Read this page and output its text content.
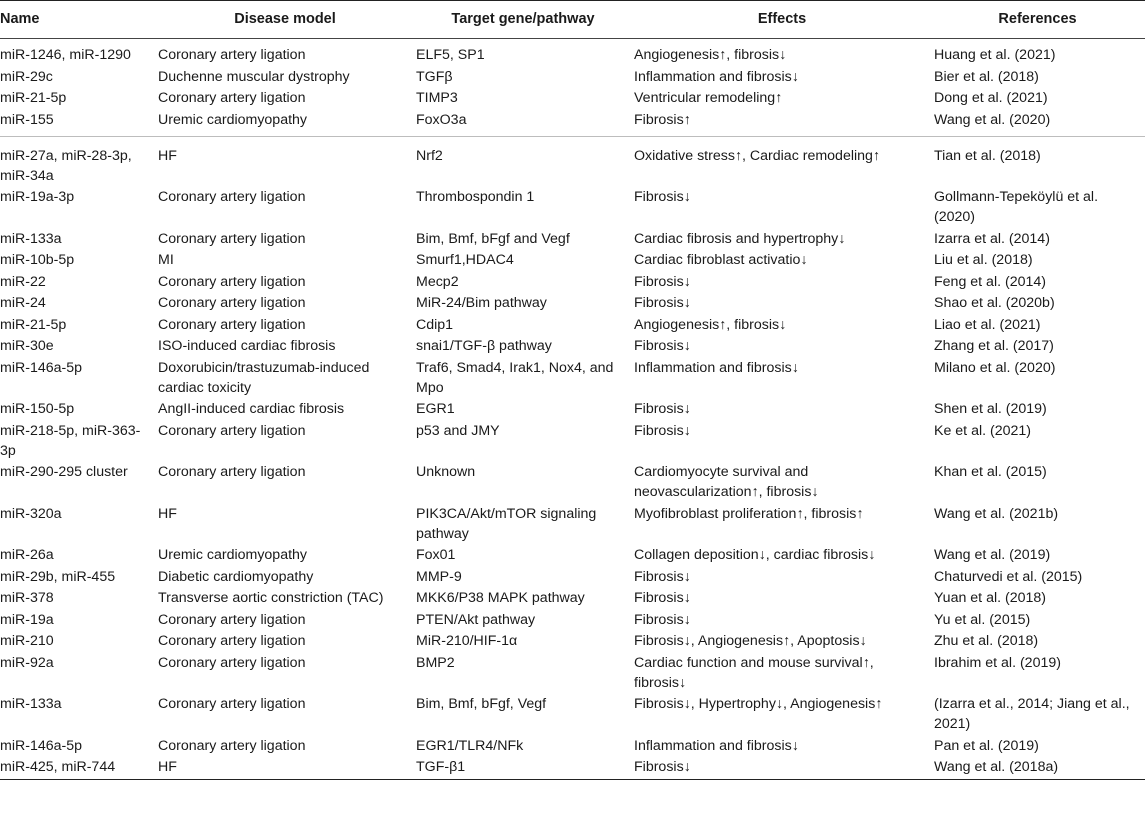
Name	Disease model	Target gene/pathway	Effects	References
miR-1246, miR-1290	Coronary artery ligation	ELF5, SP1	Angiogenesis↑, fibrosis↓	Huang et al. (2021)
miR-29c	Duchenne muscular dystrophy	TGFβ	Inflammation and fibrosis↓	Bier et al. (2018)
miR-21-5p	Coronary artery ligation	TIMP3	Ventricular remodeling↑	Dong et al. (2021)
miR-155	Uremic cardiomyopathy	FoxO3a	Fibrosis↑	Wang et al. (2020)
miR-27a, miR-28-3p, miR-34a	HF	Nrf2	Oxidative stress↑, Cardiac remodeling↑	Tian et al. (2018)
miR-19a-3p	Coronary artery ligation	Thrombospondin 1	Fibrosis↓	Gollmann-Tepeköylü et al. (2020)
miR-133a	Coronary artery ligation	Bim, Bmf, bFgf and Vegf	Cardiac fibrosis and hypertrophy↓	Izarra et al. (2014)
miR-10b-5p	MI	Smurf1,HDAC4	Cardiac fibroblast activatio↓	Liu et al. (2018)
miR-22	Coronary artery ligation	Mecp2	Fibrosis↓	Feng et al. (2014)
miR-24	Coronary artery ligation	MiR-24/Bim pathway	Fibrosis↓	Shao et al. (2020b)
miR-21-5p	Coronary artery ligation	Cdip1	Angiogenesis↑, fibrosis↓	Liao et al. (2021)
miR-30e	ISO-induced cardiac fibrosis	snai1/TGF-β pathway	Fibrosis↓	Zhang et al. (2017)
miR-146a-5p	Doxorubicin/trastuzumab-induced cardiac toxicity	Traf6, Smad4, Irak1, Nox4, and Mpo	Inflammation and fibrosis↓	Milano et al. (2020)
miR-150-5p	AngII-induced cardiac fibrosis	EGR1	Fibrosis↓	Shen et al. (2019)
miR-218-5p, miR-363-3p	Coronary artery ligation	p53 and JMY	Fibrosis↓	Ke et al. (2021)
miR-290-295 cluster	Coronary artery ligation	Unknown	Cardiomyocyte survival and neovascularization↑, fibrosis↓	Khan et al. (2015)
miR-320a	HF	PIK3CA/Akt/mTOR signaling pathway	Myofibroblast proliferation↑, fibrosis↑	Wang et al. (2021b)
miR-26a	Uremic cardiomyopathy	Fox01	Collagen deposition↓, cardiac fibrosis↓	Wang et al. (2019)
miR-29b, miR-455	Diabetic cardiomyopathy	MMP-9	Fibrosis↓	Chaturvedi et al. (2015)
miR-378	Transverse aortic constriction (TAC)	MKK6/P38 MAPK pathway	Fibrosis↓	Yuan et al. (2018)
miR-19a	Coronary artery ligation	PTEN/Akt pathway	Fibrosis↓	Yu et al. (2015)
miR-210	Coronary artery ligation	MiR-210/HIF-1α	Fibrosis↓, Angiogenesis↑, Apoptosis↓	Zhu et al. (2018)
miR-92a	Coronary artery ligation	BMP2	Cardiac function and mouse survival↑, fibrosis↓	Ibrahim et al. (2019)
miR-133a	Coronary artery ligation	Bim, Bmf, bFgf, Vegf	Fibrosis↓, Hypertrophy↓, Angiogenesis↑	(Izarra et al., 2014; Jiang et al., 2021)
miR-146a-5p	Coronary artery ligation	EGR1/TLR4/NFk	Inflammation and fibrosis↓	Pan et al. (2019)
miR-425, miR-744	HF	TGF-β1	Fibrosis↓	Wang et al. (2018a)
